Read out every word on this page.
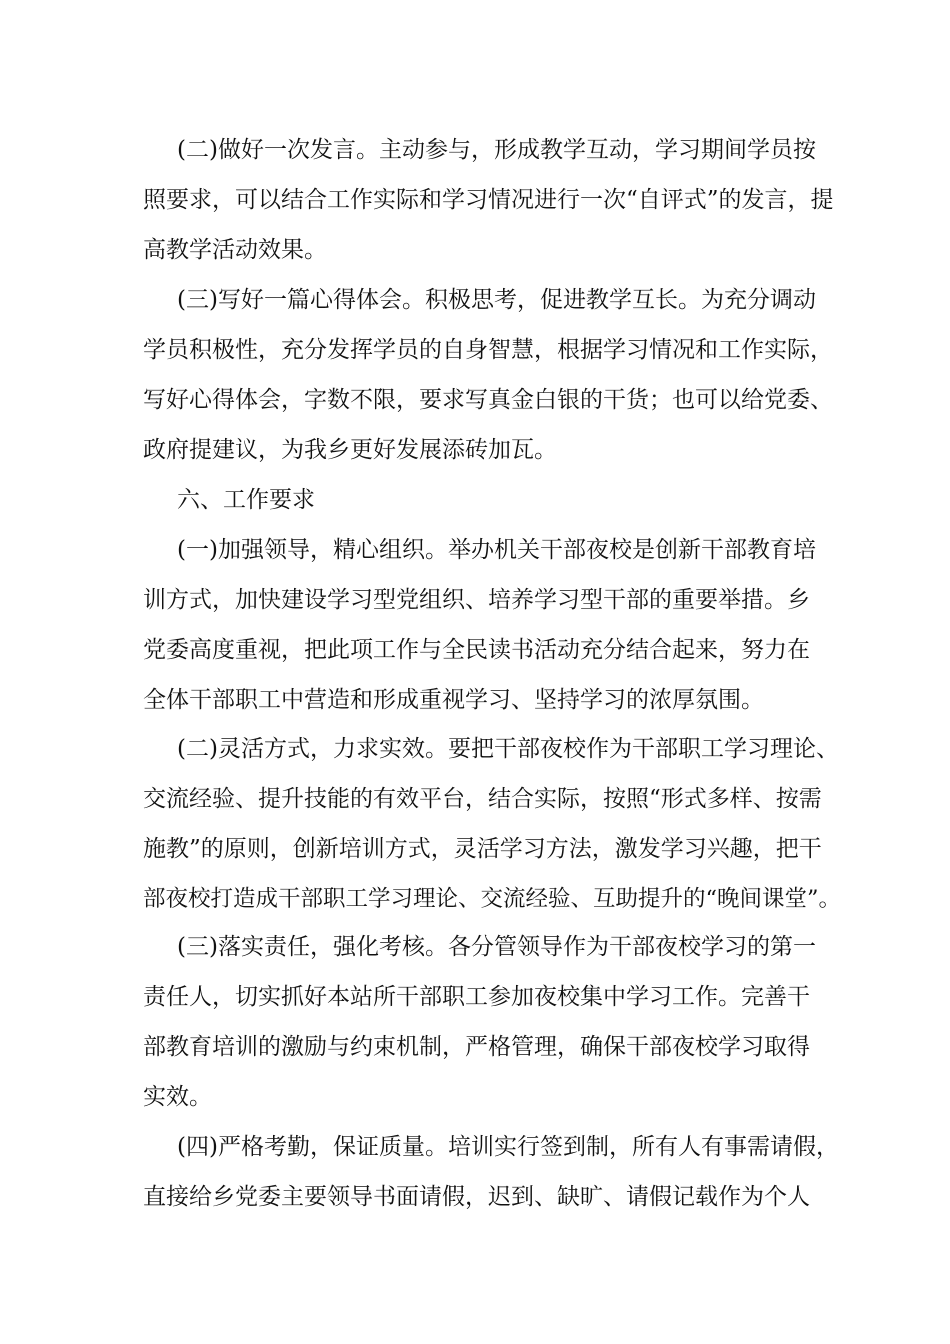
(二)做好一次发言。主动参与，形成教学互动，学习期间学员按
照要求，可以结合工作实际和学习情况进行一次“自评式”的发言，提
高教学活动效果。
(三)写好一篇心得体会。积极思考，促进教学互长。为充分调动
学员积极性，充分发挥学员的自身智慧，根据学习情况和工作实际，
写好心得体会，字数不限，要求写真金白银的干货；也可以给党委、
政府提建议，为我乡更好发展添砖加瓦。
六、工作要求
(一)加强领导，精心组织。举办机关干部夜校是创新干部教育培
训方式，加快建设学习型党组织、培养学习型干部的重要举措。乡
党委高度重视，把此项工作与全民读书活动充分结合起来，努力在
全体干部职工中营造和形成重视学习、坚持学习的浓厚氛围。
(二)灵活方式，力求实效。要把干部夜校作为干部职工学习理论、
交流经验、提升技能的有效平台，结合实际，按照“形式多样、按需
施教”的原则，创新培训方式，灵活学习方法，激发学习兴趣，把干
部夜校打造成干部职工学习理论、交流经验、互助提升的“晚间课堂”。
(三)落实责任，强化考核。各分管领导作为干部夜校学习的第一
责任人，切实抓好本站所干部职工参加夜校集中学习工作。完善干
部教育培训的激励与约束机制，严格管理，确保干部夜校学习取得
实效。
(四)严格考勤，保证质量。培训实行签到制，所有人有事需请假，
直接给乡党委主要领导书面请假，迟到、缺旷、请假记载作为个人
